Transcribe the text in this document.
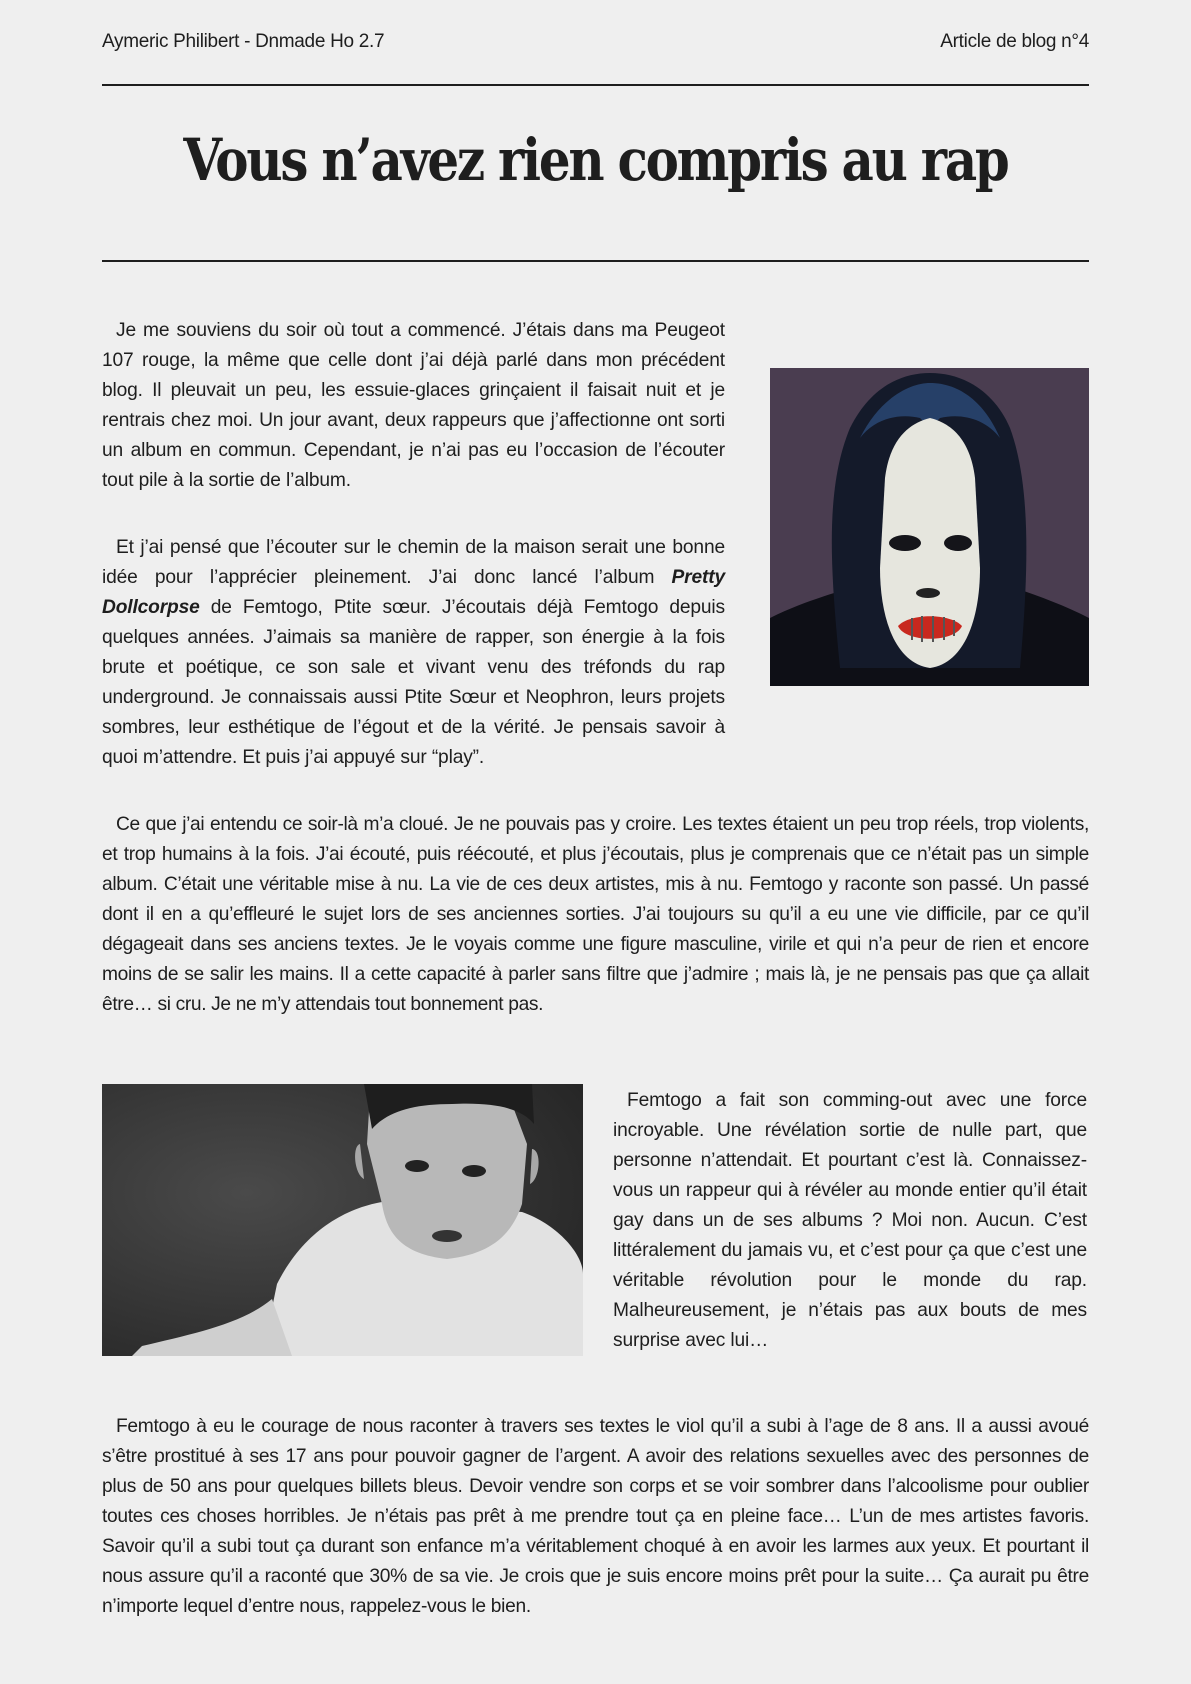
Aymeric Philibert - Dnmade Ho 2.7	Article de blog n°4
Vous n’avez rien compris au rap

Je me souviens du soir où tout a commencé. J’étais dans ma Peugeot 107 rouge, la même que celle dont j’ai déjà parlé dans mon précédent blog. Il pleuvait un peu, les essuie-glaces grinçaient il faisait nuit et je rentrais chez moi. Un jour avant, deux rappeurs que j’affectionne ont sorti un album en commun. Cependant, je n’ai pas eu l’occasion de l’écouter tout pile à la sortie de l’album.

Et j’ai pensé que l’écouter sur le chemin de la maison serait une bonne idée pour l’apprécier pleinement. J’ai donc lancé l’album Pretty Dollcorpse de Femtogo, Ptite sœur. J’écoutais déjà Femtogo depuis quelques années. J’aimais sa manière de rapper, son énergie à la fois brute et poétique, ce son sale et vivant venu des tréfonds du rap underground. Je connaissais aussi Ptite Sœur et Neophron, leurs projets sombres, leur esthétique de l’égout et de la vérité. Je pensais savoir à quoi m’attendre. Et puis j’ai appuyé sur “play”.

Ce que j’ai entendu ce soir-là m’a cloué. Je ne pouvais pas y croire. Les textes étaient un peu trop réels, trop violents, et trop humains à la fois. J’ai écouté, puis réécouté, et plus j’écoutais, plus je comprenais que ce n’était pas un simple album. C’était une véritable mise à nu. La vie de ces deux artistes, mis à nu. Femtogo y raconte son passé. Un passé dont il en a qu’effleuré le sujet lors de ses anciennes sorties. J’ai toujours su qu’il a eu une vie difficile, par ce qu’il dégageait dans ses anciens textes. Je le voyais comme une figure masculine, virile et qui n’a peur de rien et encore moins de se salir les mains. Il a cette capacité à parler sans filtre que j’admire ; mais là, je ne pensais pas que ça allait être… si cru. Je ne m’y attendais tout bonnement pas.

Femtogo a fait son comming-out avec une force incroyable. Une révélation sortie de nulle part, que personne n’attendait. Et pourtant c’est là. Connaissez-vous un rappeur qui à révéler au monde entier qu’il était gay dans un de ses albums ? Moi non. Aucun. C’est littéralement du jamais vu, et c’est pour ça que c’est une véritable révolution pour le monde du rap. Malheureusement, je n’étais pas aux bouts de mes surprise avec lui…

Femtogo à eu le courage de nous raconter à travers ses textes le viol qu’il a subi à l’age de 8 ans. Il a aussi avoué s’être prostitué à ses 17 ans pour pouvoir gagner de l’argent. A avoir des relations sexuelles avec des personnes de plus de 50 ans pour quelques billets bleus. Devoir vendre son corps et se voir sombrer dans l’alcoolisme pour oublier toutes ces choses horribles. Je n’étais pas prêt à me prendre tout ça en pleine face… L’un de mes artistes favoris. Savoir qu’il a subi tout ça durant son enfance m’a véritablement choqué à en avoir les larmes aux yeux. Et pourtant il nous assure qu’il a raconté que 30% de sa vie. Je crois que je suis encore moins prêt pour la suite… Ça aurait pu être n’importe lequel d’entre nous, rappelez-vous le bien.
